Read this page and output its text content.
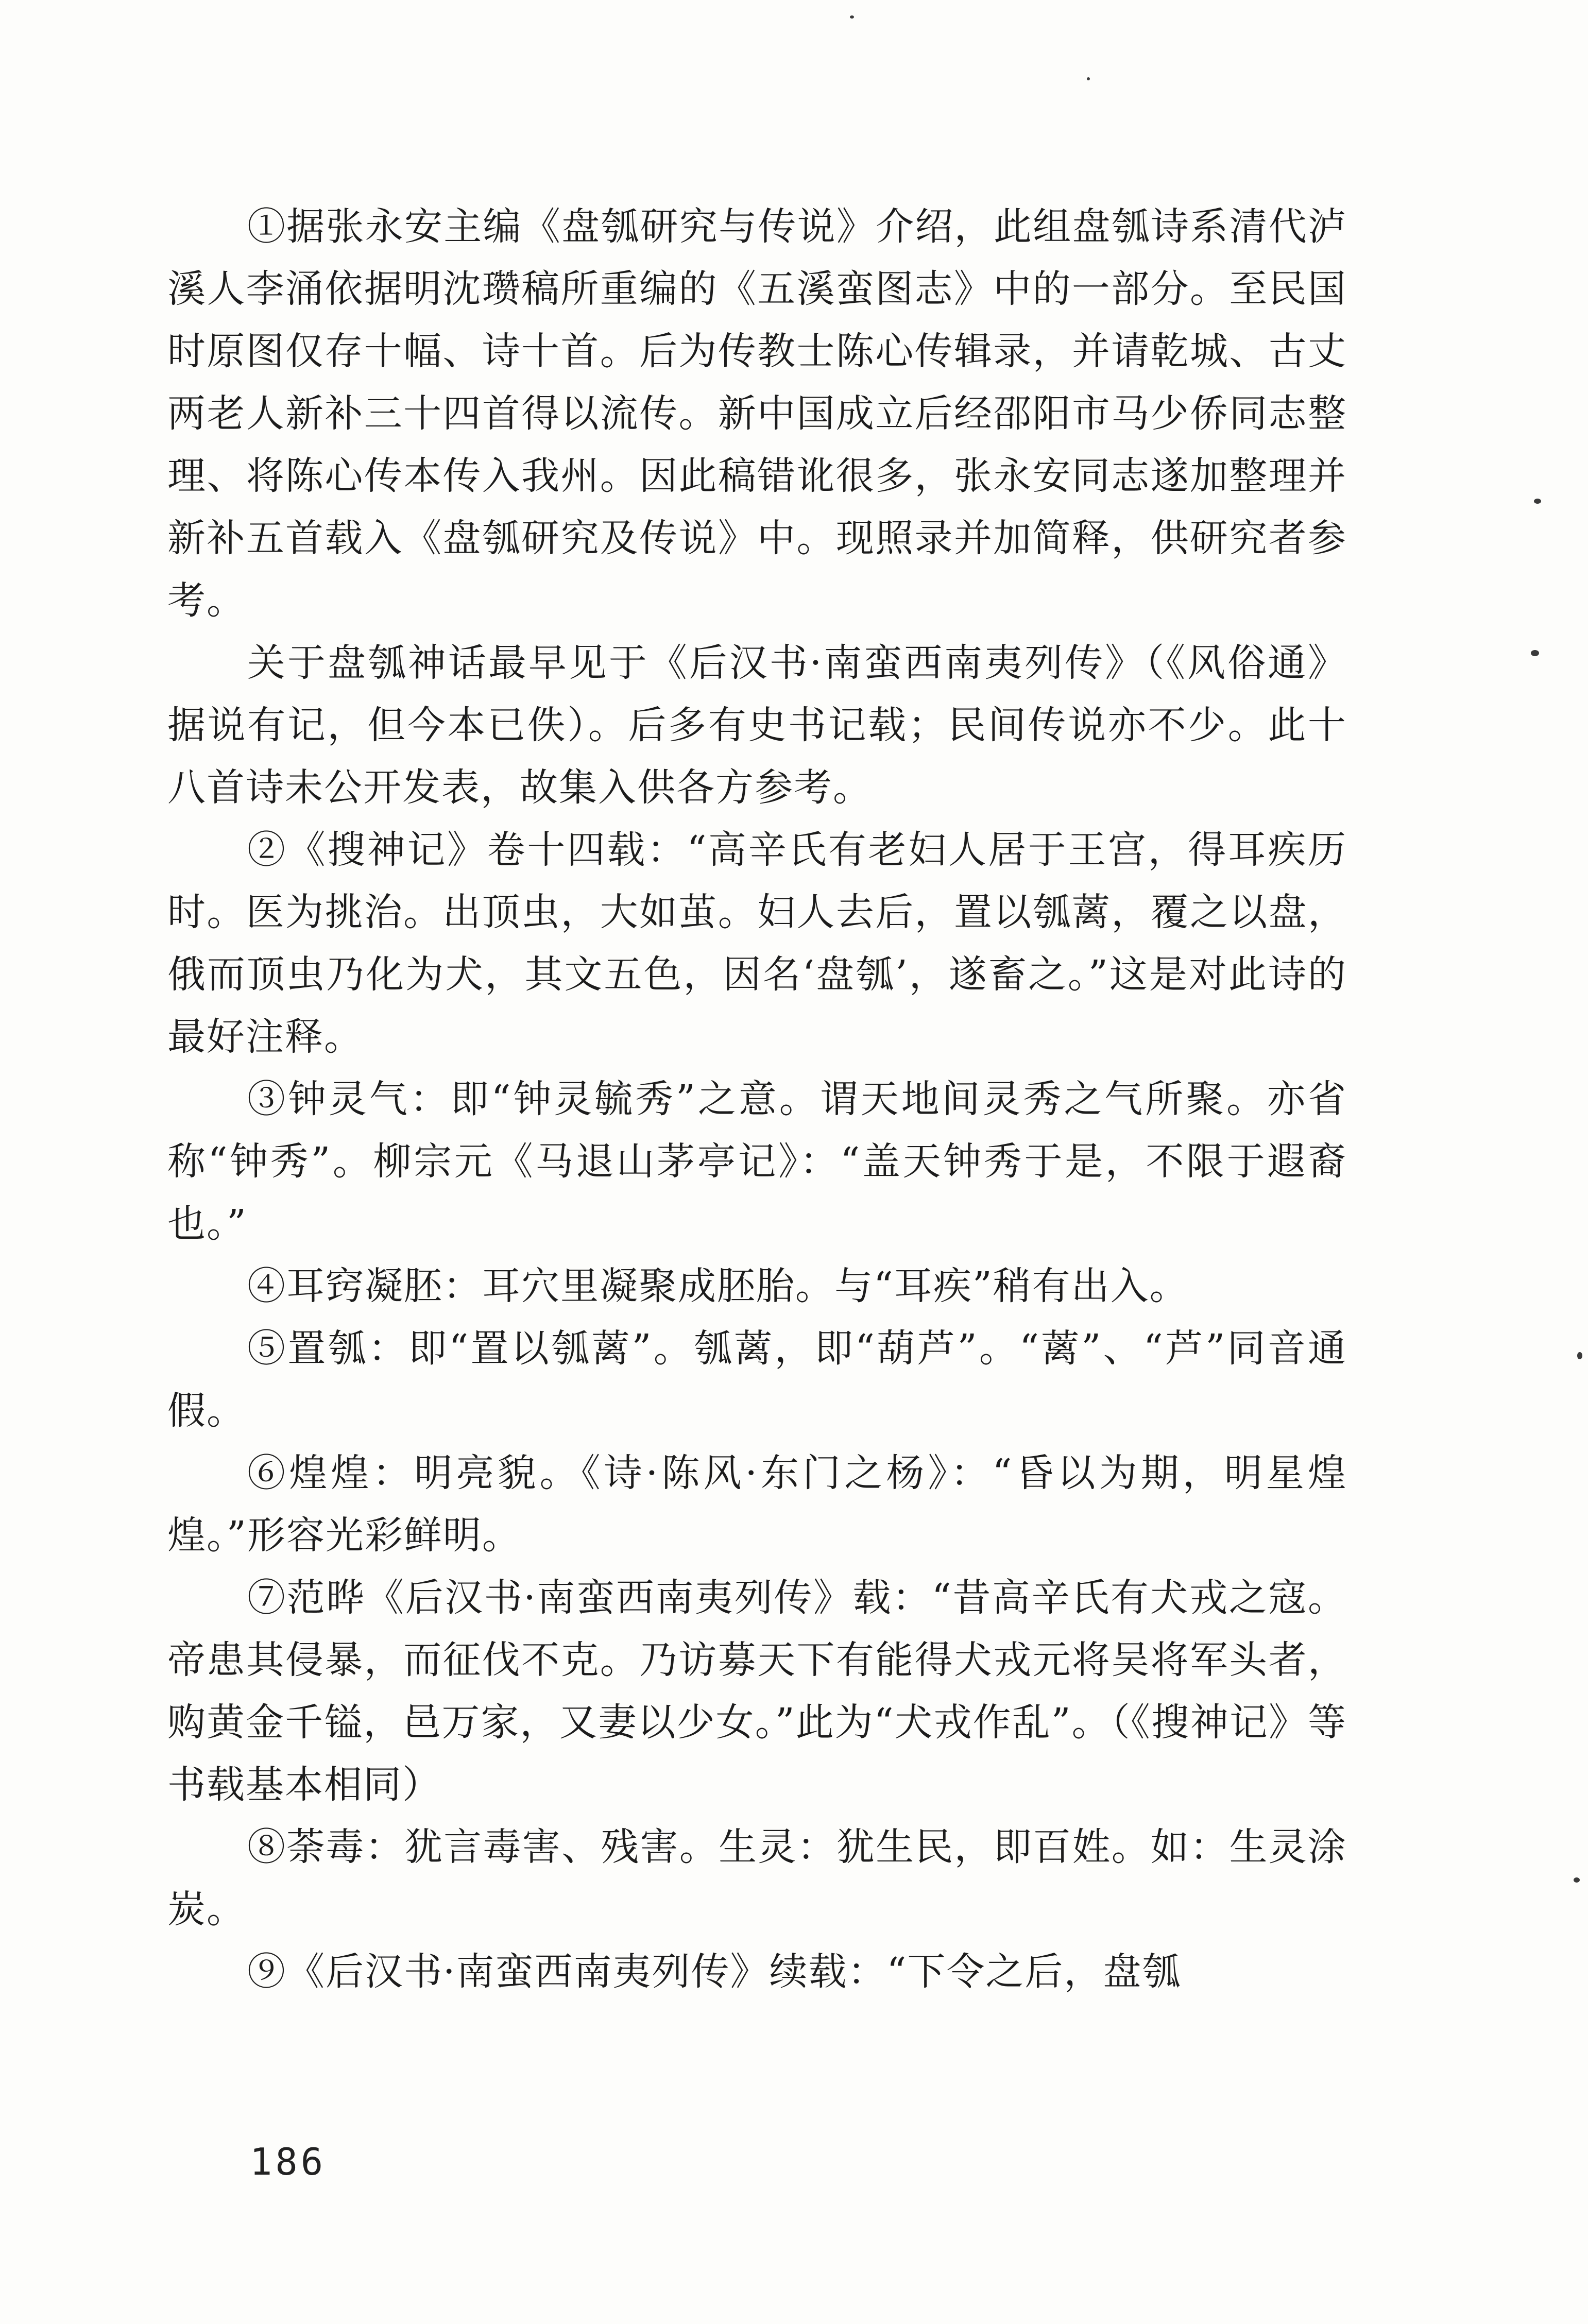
①据张永安主编《盘瓠研究与传说》介绍，此组盘瓠诗系清代泸溪人李涌依据明沈瓒稿所重编的《五溪蛮图志》中的一部分。至民国时原图仅存十幅、诗十首。后为传教士陈心传辑录，并请乾城、古丈两老人新补三十四首得以流传。新中国成立后经邵阳市马少侨同志整理、将陈心传本传入我州。因此稿错讹很多，张永安同志遂加整理并新补五首载入《盘瓠研究及传说》中。现照录并加简释，供研究者参考。

关于盘瓠神话最早见于《后汉书·南蛮西南夷列传》（《风俗通》据说有记，但今本已佚）。后多有史书记载；民间传说亦不少。此十八首诗未公开发表，故集入供各方参考。

②《搜神记》卷十四载：“高辛氏有老妇人居于王宫，得耳疾历时。医为挑治。出顶虫，大如茧。妇人去后，置以瓠蓠，覆之以盘，俄而顶虫乃化为犬，其文五色，因名‘盘瓠’，遂畜之。”这是对此诗的最好注释。

③钟灵气：即“钟灵毓秀”之意。谓天地间灵秀之气所聚。亦省称“钟秀”。柳宗元《马退山茅亭记》：“盖天钟秀于是，不限于遐裔也。”

④耳窍凝胚：耳穴里凝聚成胚胎。与“耳疾”稍有出入。

⑤置瓠：即“置以瓠蓠”。瓠蓠，即“葫芦”。“蓠”、“芦”同音通假。

⑥煌煌：明亮貌。《诗·陈风·东门之杨》：“昏以为期，明星煌煌。”形容光彩鲜明。

⑦范晔《后汉书·南蛮西南夷列传》载：“昔高辛氏有犬戎之寇。帝患其侵暴，而征伐不克。乃访募天下有能得犬戎元将吴将军头者，购黄金千镒，邑万家，又妻以少女。”此为“犬戎作乱”。（《搜神记》等书载基本相同）

⑧荼毒：犹言毒害、残害。生灵：犹生民，即百姓。如：生灵涂炭。

⑨《后汉书·南蛮西南夷列传》续载：“下令之后，盘瓠

186
